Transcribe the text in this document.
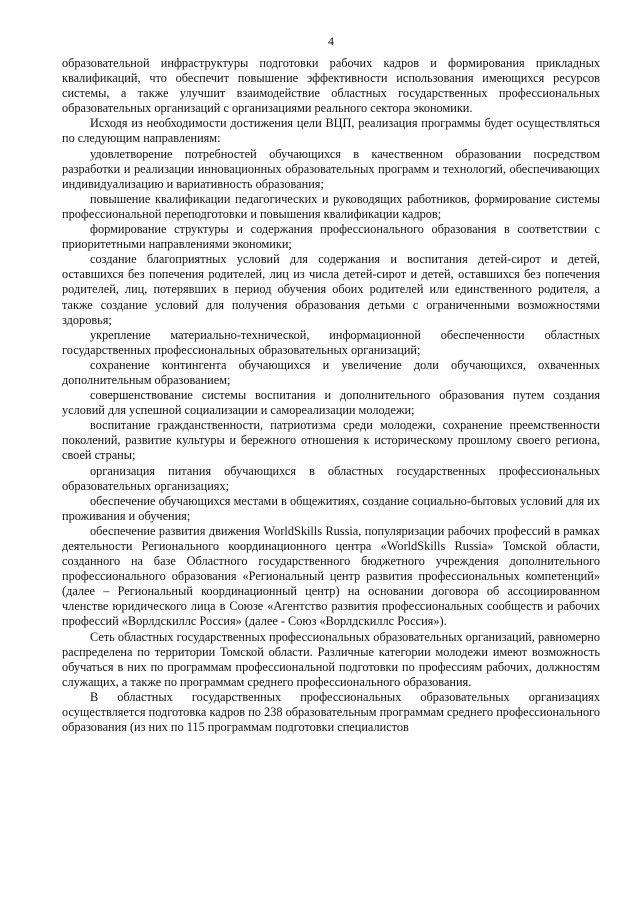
4

образовательной инфраструктуры подготовки рабочих кадров и формирования прикладных квалификаций, что обеспечит повышение эффективности использования имеющихся ресурсов системы, а также улучшит взаимодействие областных государственных профессиональных образовательных организаций с организациями реального сектора экономики.

Исходя из необходимости достижения цели ВЦП, реализация программы будет осуществляться по следующим направлениям:

удовлетворение потребностей обучающихся в качественном образовании посредством разработки и реализации инновационных образовательных программ и технологий, обеспечивающих индивидуализацию и вариативность образования;

повышение квалификации педагогических и руководящих работников, формирование системы профессиональной переподготовки и повышения квалификации кадров;

формирование структуры и содержания профессионального образования в соответствии с приоритетными направлениями экономики;

создание благоприятных условий для содержания и воспитания детей-сирот и детей, оставшихся без попечения родителей, лиц из числа детей-сирот и детей, оставшихся без попечения родителей, лиц, потерявших в период обучения обоих родителей или единственного родителя, а также создание условий для получения образования детьми с ограниченными возможностями здоровья;

укрепление материально-технической, информационной обеспеченности областных государственных профессиональных образовательных организаций;

сохранение контингента обучающихся и увеличение доли обучающихся, охваченных дополнительным образованием;

совершенствование системы воспитания и дополнительного образования путем создания условий для успешной социализации и самореализации молодежи;

воспитание гражданственности, патриотизма среди молодежи, сохранение преемственности поколений, развитие культуры и бережного отношения к историческому прошлому своего региона, своей страны;

организация питания обучающихся в областных государственных профессиональных образовательных организациях;

обеспечение обучающихся местами в общежитиях, создание социально-бытовых условий для их проживания и обучения;

обеспечение развития движения WorldSkills Russia, популяризации рабочих профессий в рамках деятельности Регионального координационного центра «WorldSkills Russia» Томской области, созданного на базе Областного государственного бюджетного учреждения дополнительного профессионального образования «Региональный центр развития профессиональных компетенций» (далее – Региональный координационный центр) на основании договора об ассоциированном членстве юридического лица в Союзе «Агентство развития профессиональных сообществ и рабочих профессий «Ворлдскиллс Россия» (далее - Союз «Ворлдскиллс Россия»).

Сеть областных государственных профессиональных образовательных организаций, равномерно распределена по территории Томской области. Различные категории молодежи имеют возможность обучаться в них по программам профессиональной подготовки по профессиям рабочих, должностям служащих, а также по программам среднего профессионального образования.

В областных государственных профессиональных образовательных организациях осуществляется подготовка кадров по 238 образовательным программам среднего профессионального образования (из них по 115 программам подготовки специалистов
